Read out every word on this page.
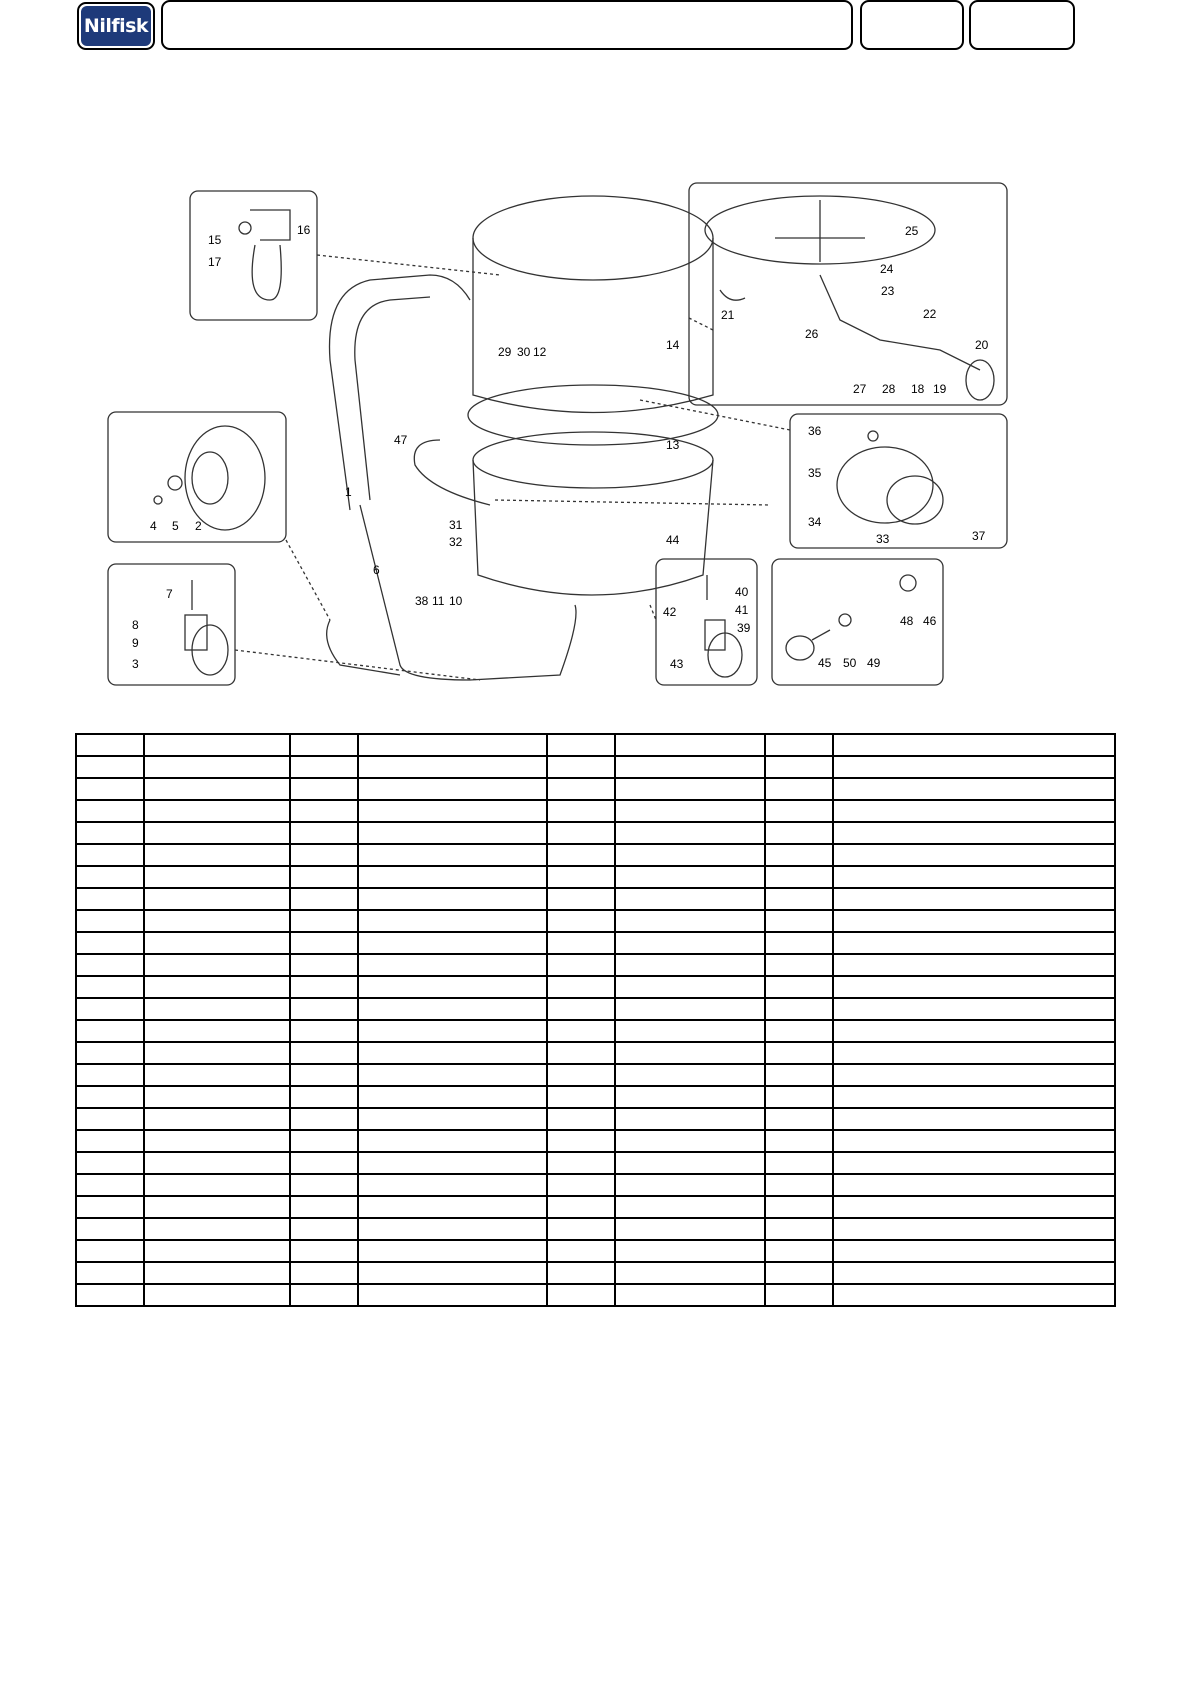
Nilfisk
1
2
3
4 5
6
7
8
9
10
11
12
13
14
15
16
17
18 19
20
21	22
23
24
25
26
27 28
29 30
31
32	33
34
35
36
37
38
39
40
41
42
43
44
45
46
47
48
49
50
